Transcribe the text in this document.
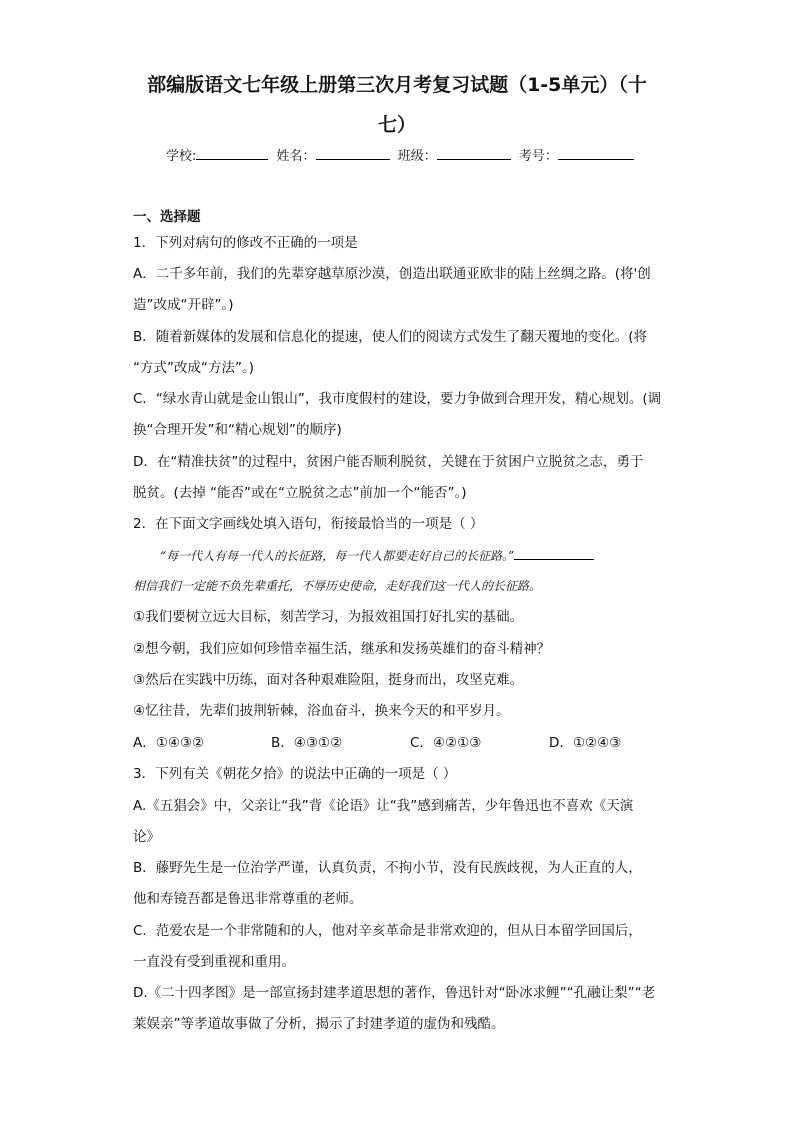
部编版语文七年级上册第三次月考复习试题（1-5单元）（十
七）
学校:	姓名：	班级：	考号：
一、选择题
1．下列对病句的修改不正确的一项是
A．二千多年前，我们的先辈穿越草原沙漠，创造出联通亚欧非的陆上丝绸之路。(将'创
造”改成“开辟”。)
B．随着新媒体的发展和信息化的提速，使人们的阅读方式发生了翻天覆地的变化。(将
“方式”改成“方法”。)
C．“绿水青山就是金山银山”，我市度假村的建设，要力争做到合理开发，精心规划。(调
换“合理开发”和“精心规划”的顺序)
D．在“精准扶贫”的过程中，贫困户能否顺利脱贫，关键在于贫困户立脱贫之志，勇于
脱贫。(去掉 “能否”或在“立脱贫之志”前加一个“能否”。)
2．在下面文字画线处填入语句，衔接最恰当的一项是（ ）
“每一代人有每一代人的长征路，每一代人都要走好自己的长征路。”
相信我们一定能不负先辈重托，不辱历史使命，走好我们这一代人的长征路。
①我们要树立远大目标，刻苦学习，为报效祖国打好扎实的基础。
②想今朝，我们应如何珍惜幸福生活，继承和发扬英雄们的奋斗精神？
③然后在实践中历练，面对各种艰难险阻，挺身而出，攻坚克难。
④忆往昔，先辈们披荆斩棘，浴血奋斗，换来今天的和平岁月。
A．①④③②	B．④③①②	C．④②①③	D．①②④③
3．下列有关《朝花夕拾》的说法中正确的一项是（ ）
A.《五猖会》中，父亲让“我”背《论语》让“我”感到痛苦，少年鲁迅也不喜欢《天演
论》
B．藤野先生是一位治学严谨，认真负责，不拘小节，没有民族歧视，为人正直的人，
他和寿镜吾都是鲁迅非常尊重的老师。
C．范爱农是一个非常随和的人，他对辛亥革命是非常欢迎的，但从日本留学回国后，
一直没有受到重视和重用。
D.《二十四孝图》是一部宣扬封建孝道思想的著作，鲁迅针对“卧冰求鲤”“孔融让梨”“老
莱娱亲”等孝道故事做了分析，揭示了封建孝道的虚伪和残酷。
